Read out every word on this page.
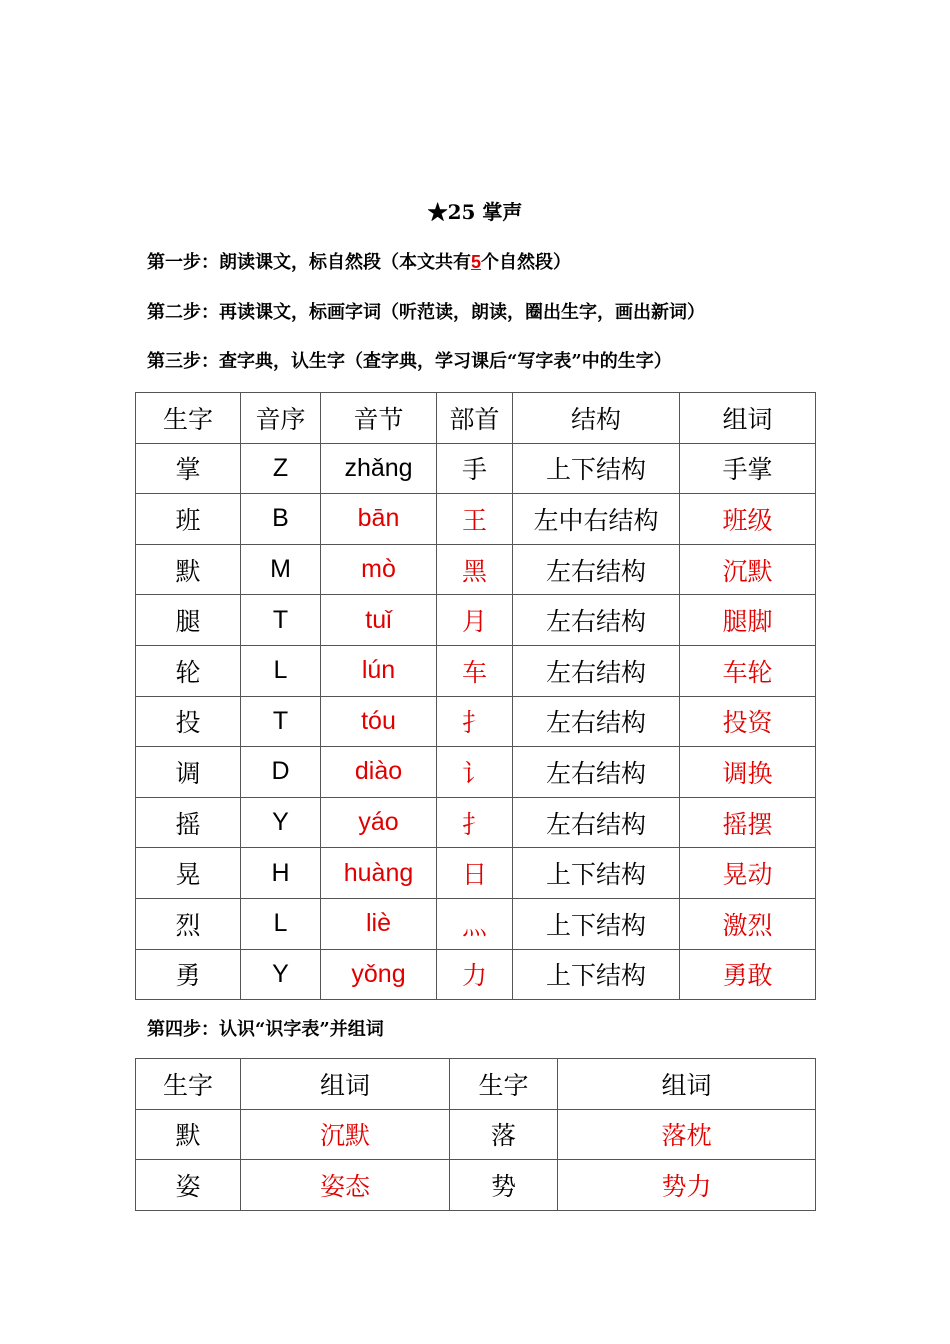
★25 掌声
第一步：朗读课文，标自然段（本文共有5个自然段）
第二步：再读课文，标画字词（听范读，朗读，圈出生字，画出新词）
第三步：查字典，认生字（查字典，学习课后“写字表”中的生字）
生字	音序	音节	部首	结构	组词
掌	Z	zhǎng	手	上下结构	手掌
班	B	bān	王	左中右结构	班级
默	M	mò	黑	左右结构	沉默
腿	T	tuǐ	月	左右结构	腿脚
轮	L	lún	车	左右结构	车轮
投	T	tóu	扌	左右结构	投资
调	D	diào	讠	左右结构	调换
摇	Y	yáo	扌	左右结构	摇摆
晃	H	huàng	日	上下结构	晃动
烈	L	liè	灬	上下结构	激烈
勇	Y	yǒng	力	上下结构	勇敢
第四步：认识“识字表”并组词
生字	组词	生字	组词
默	沉默	落	落枕
姿	姿态	势	势力
